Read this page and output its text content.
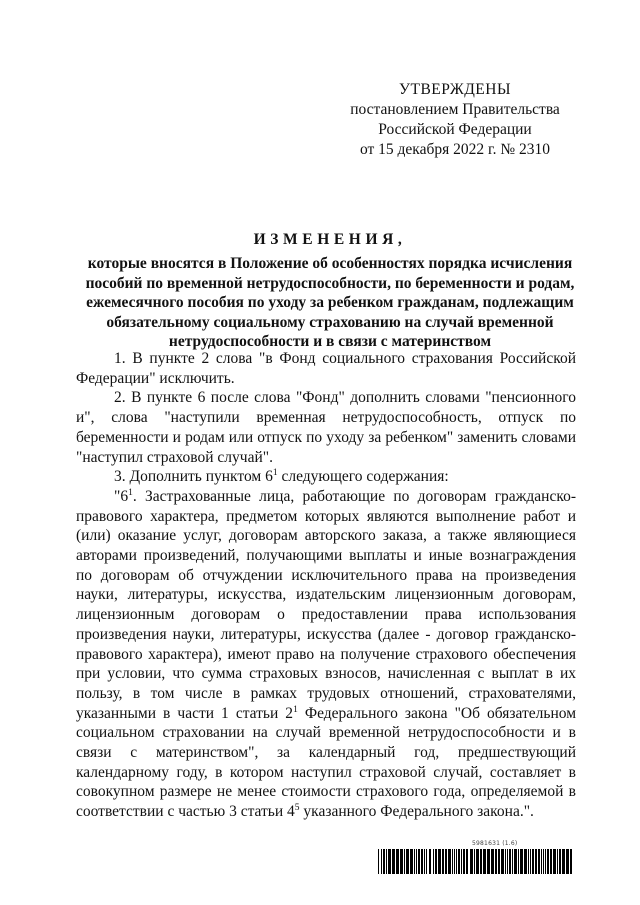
УТВЕРЖДЕНЫ
постановлением Правительства
Российской Федерации
от 15 декабря 2022 г. № 2310
ИЗМЕНЕНИЯ,
которые вносятся в Положение об особенностях порядка исчисления пособий по временной нетрудоспособности, по беременности и родам, ежемесячного пособия по уходу за ребенком гражданам, подлежащим обязательному социальному страхованию на случай временной нетрудоспособности и в связи с материнством

1. В пункте 2 слова "в Фонд социального страхования Российской Федерации" исключить.

2. В пункте 6 после слова "Фонд" дополнить словами "пенсионного и", слова "наступили временная нетрудоспособность, отпуск по беременности и родам или отпуск по уходу за ребенком" заменить словами "наступил страховой случай".

3. Дополнить пунктом $6^1$ следующего содержания:

"$6^1$. Застрахованные лица, работающие по договорам гражданско-правового характера, предметом которых являются выполнение работ и (или) оказание услуг, договорам авторского заказа, а также являющиеся авторами произведений, получающими выплаты и иные вознаграждения по договорам об отчуждении исключительного права на произведения науки, литературы, искусства, издательским лицензионным договорам, лицензионным договорам о предоставлении права использования произведения науки, литературы, искусства (далее - договор гражданско-правового характера), имеют право на получение страхового обеспечения при условии, что сумма страховых взносов, начисленная с выплат в их пользу, в том числе в рамках трудовых отношений, страхователями, указанными в части 1 статьи $2^1$ Федерального закона "Об обязательном социальном страховании на случай временной нетрудоспособности и в связи с материнством", за календарный год, предшествующий календарному году, в котором наступил страховой случай, составляет в совокупном размере не менее стоимости страхового года, определяемой в соответствии с частью 3 статьи $4^5$ указанного Федерального закона.".

5981631 (1.6)
